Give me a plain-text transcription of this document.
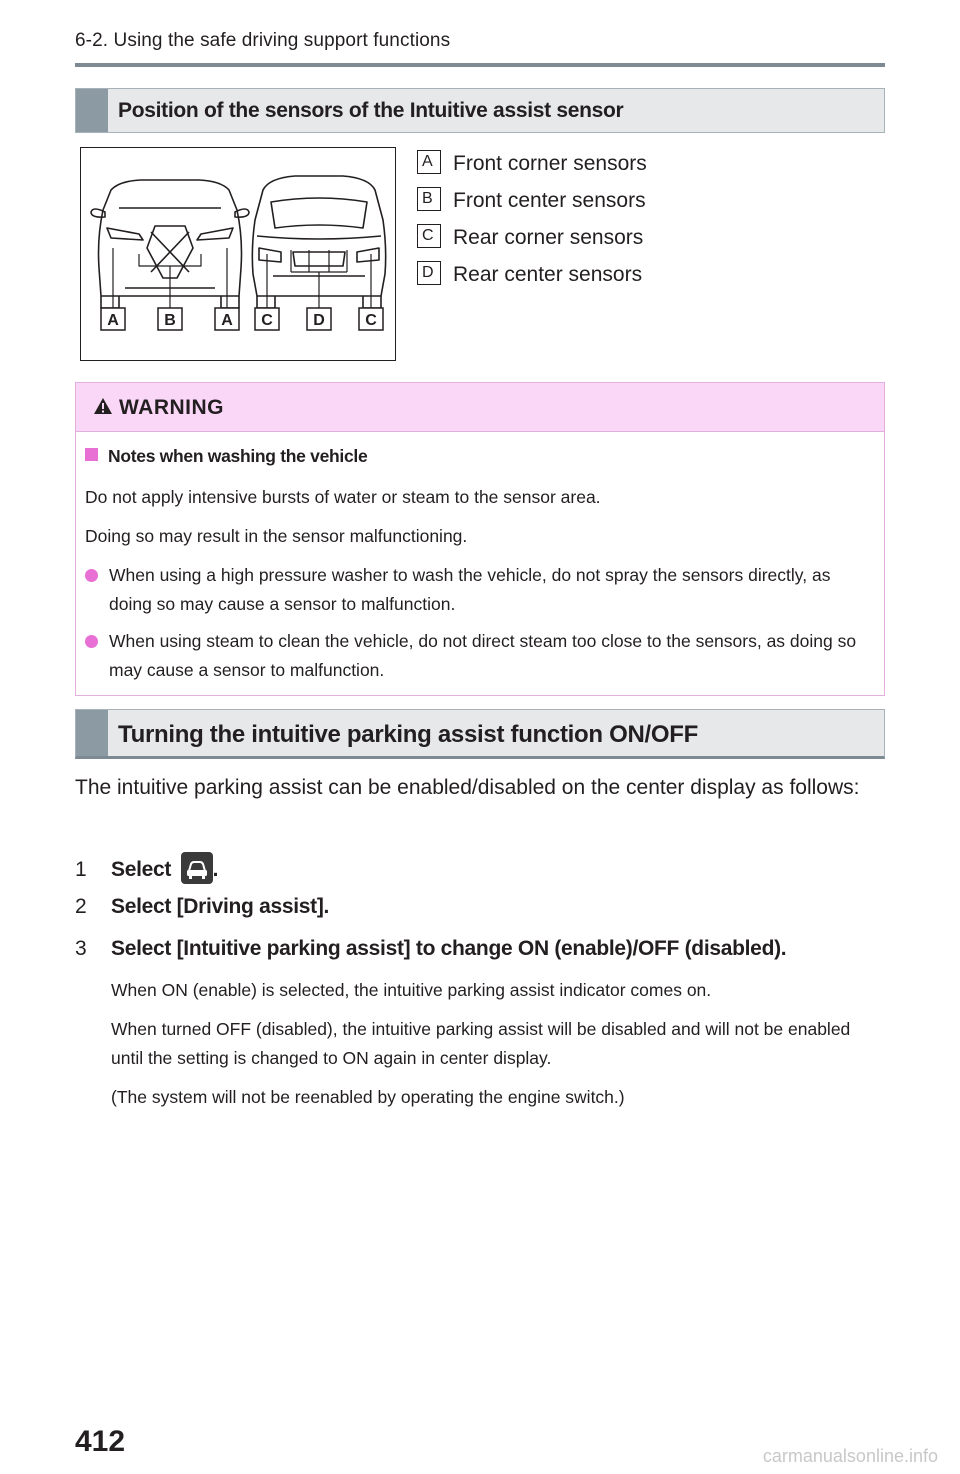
6-2. Using the safe driving support functions
Position of the sensors of the Intuitive assist sensor
A	B	A C	D	C
A Front corner sensors
B Front center sensors
C Rear corner sensors
D Rear center sensors
WARNING
Notes when washing the vehicle
Do not apply intensive bursts of water or steam to the sensor area.
Doing so may result in the sensor malfunctioning.
When using a high pressure washer to wash the vehicle, do not spray the sensors directly, as doing so may cause a sensor to malfunction.
When using steam to clean the vehicle, do not direct steam too close to the sensors, as doing so may cause a sensor to malfunction.
Turning the intuitive parking assist function ON/OFF
The intuitive parking assist can be enabled/disabled on the center display as follows:
1 Select .
2 Select [Driving assist].
3 Select [Intuitive parking assist] to change ON (enable)/OFF (disabled).
When ON (enable) is selected, the intuitive parking assist indicator comes on.
When turned OFF (disabled), the intuitive parking assist will be disabled and will not be enabled until the setting is changed to ON again in center display.
(The system will not be reenabled by operating the engine switch.)
412	carmanualsonline.info
